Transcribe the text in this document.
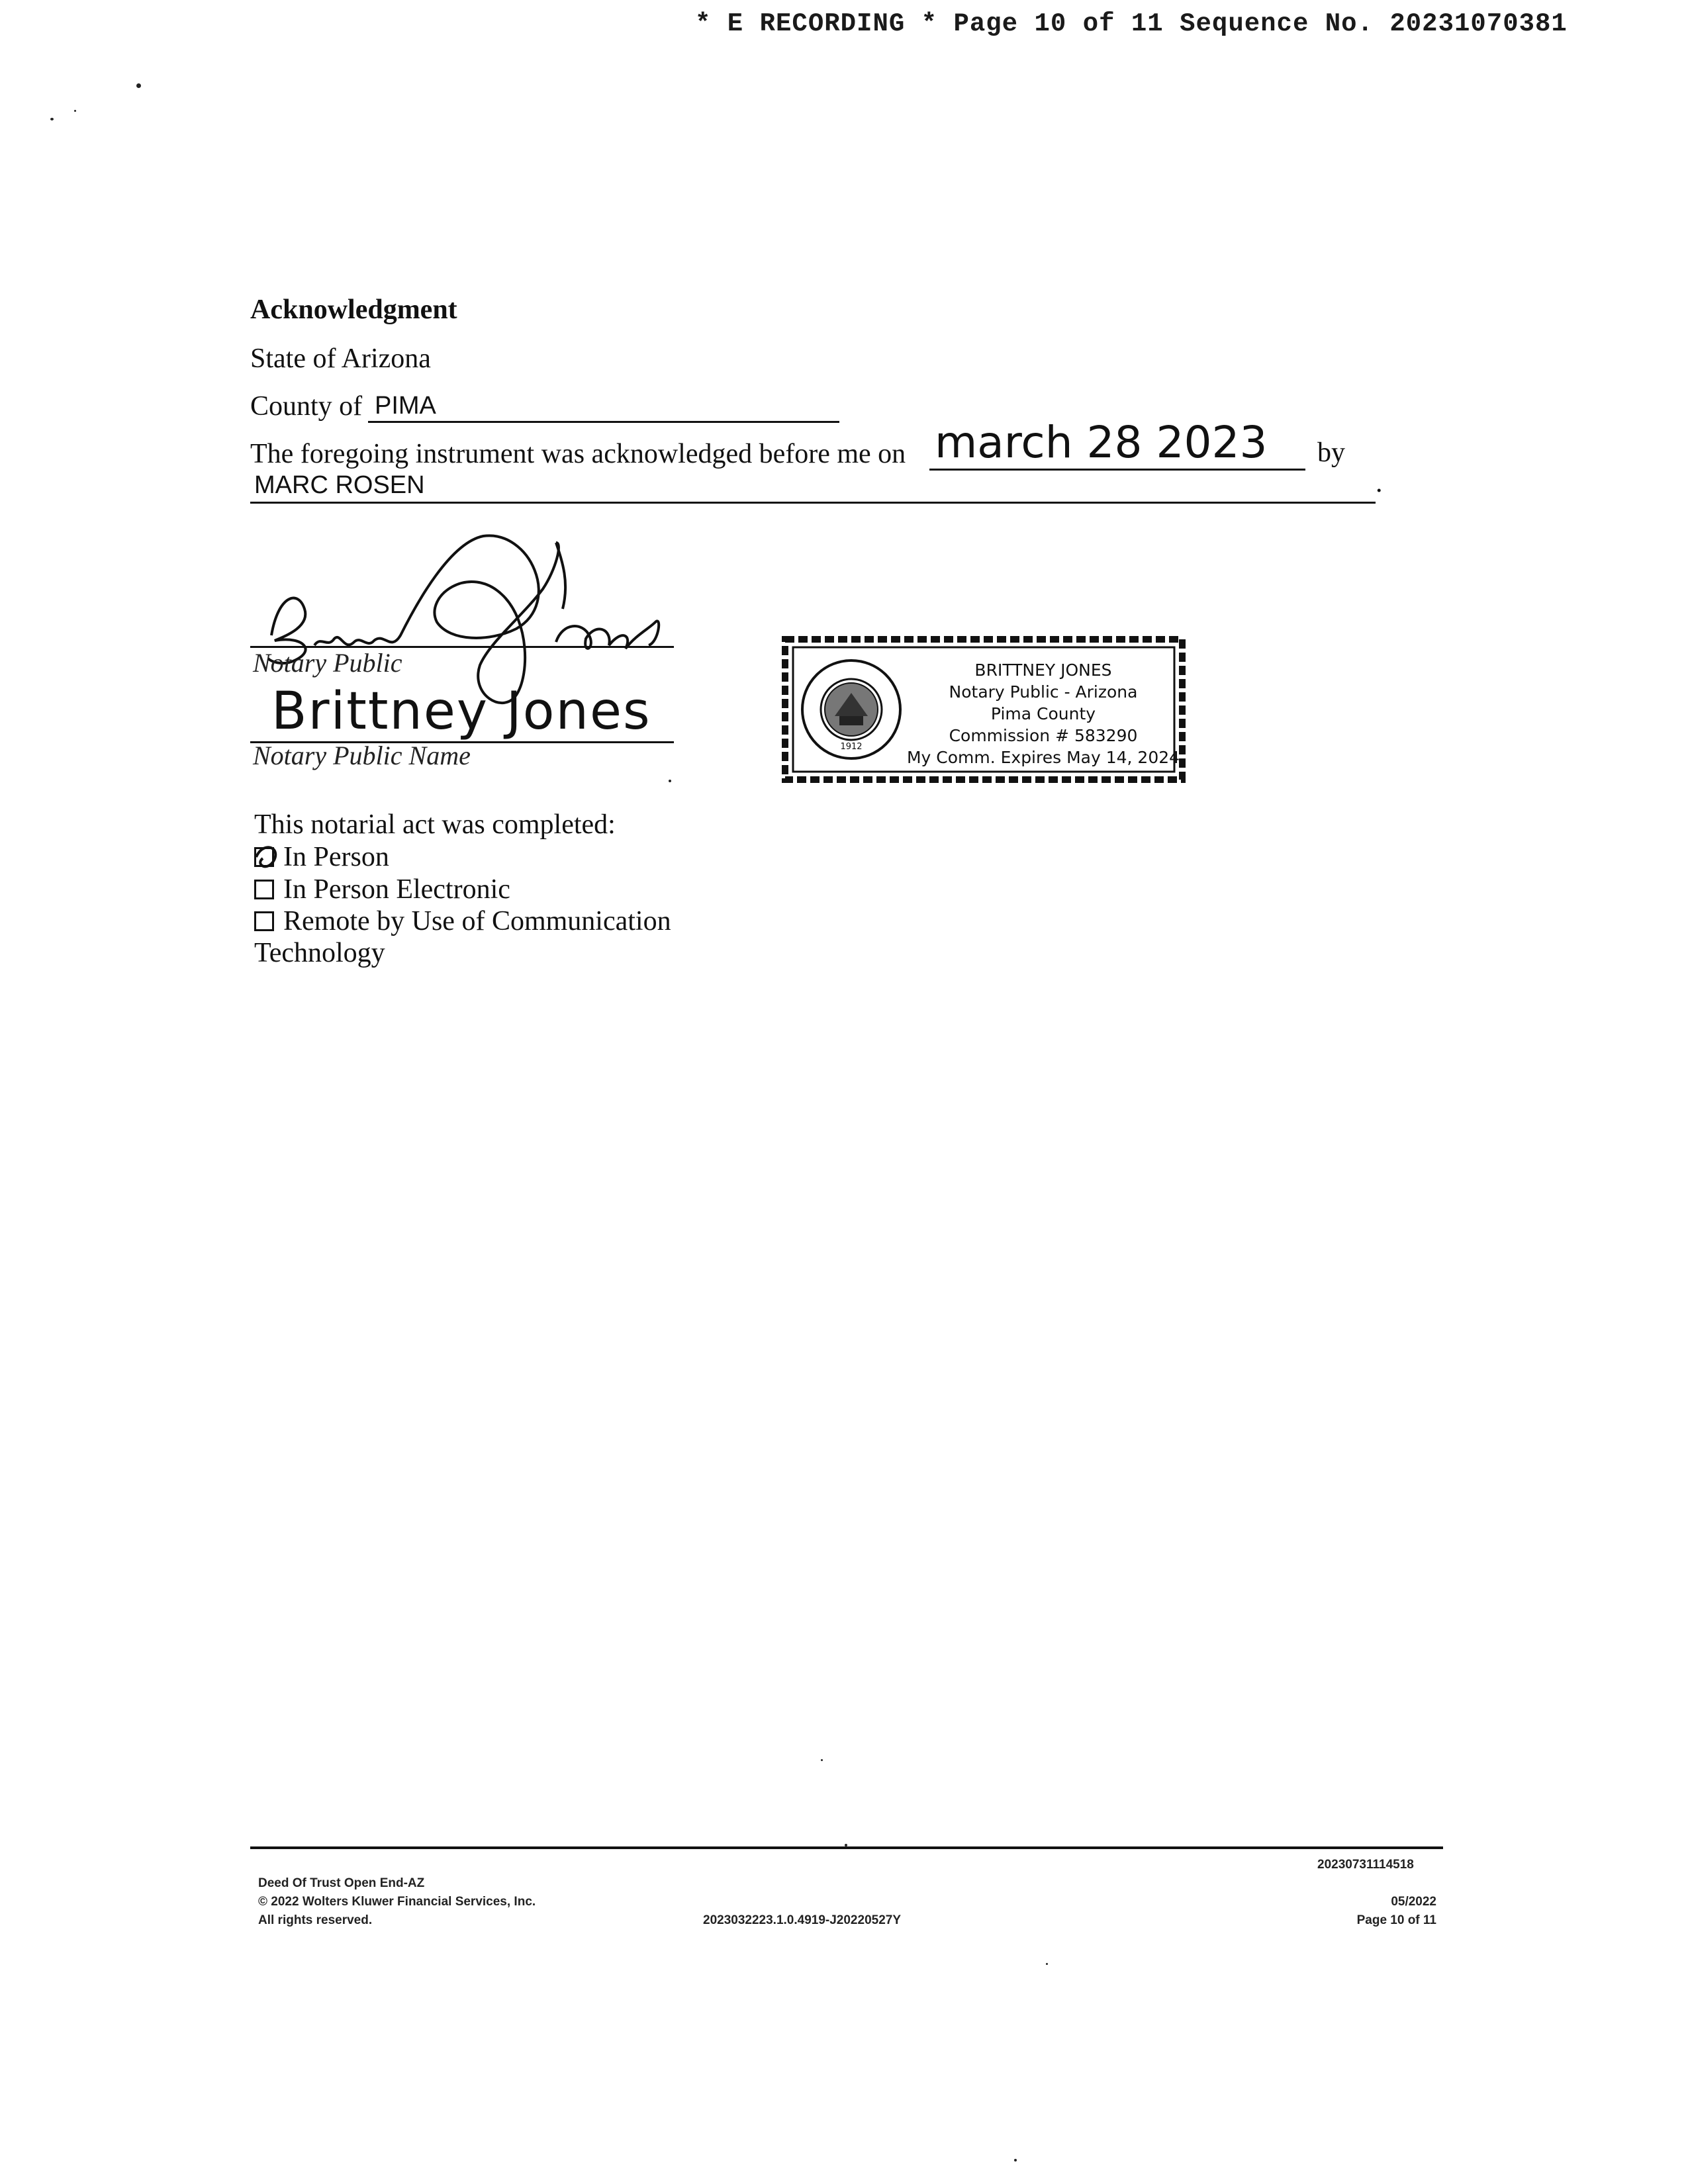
* E RECORDING * Page 10 of 11 Sequence No. 20231070381
Acknowledgment
State of Arizona
County of PIMA
The foregoing instrument was acknowledged before me on march 28 2023	by
MARC ROSEN	.
Notary Public
Brittney Jones
Notary Public Name	1912
BRITTNEY JONES
Notary Public - Arizona
Pima County
Commission # 583290
My Comm. Expires May 14, 2024
This notarial act was completed:
In Person
In Person Electronic
Remote by Use of Communication
Technology
20230731114518
Deed Of Trust Open End-AZ
© 2022 Wolters Kluwer Financial Services, Inc.
All rights reserved.	2023032223.1.0.4919-J20220527Y
05/2022
Page 10 of 11
